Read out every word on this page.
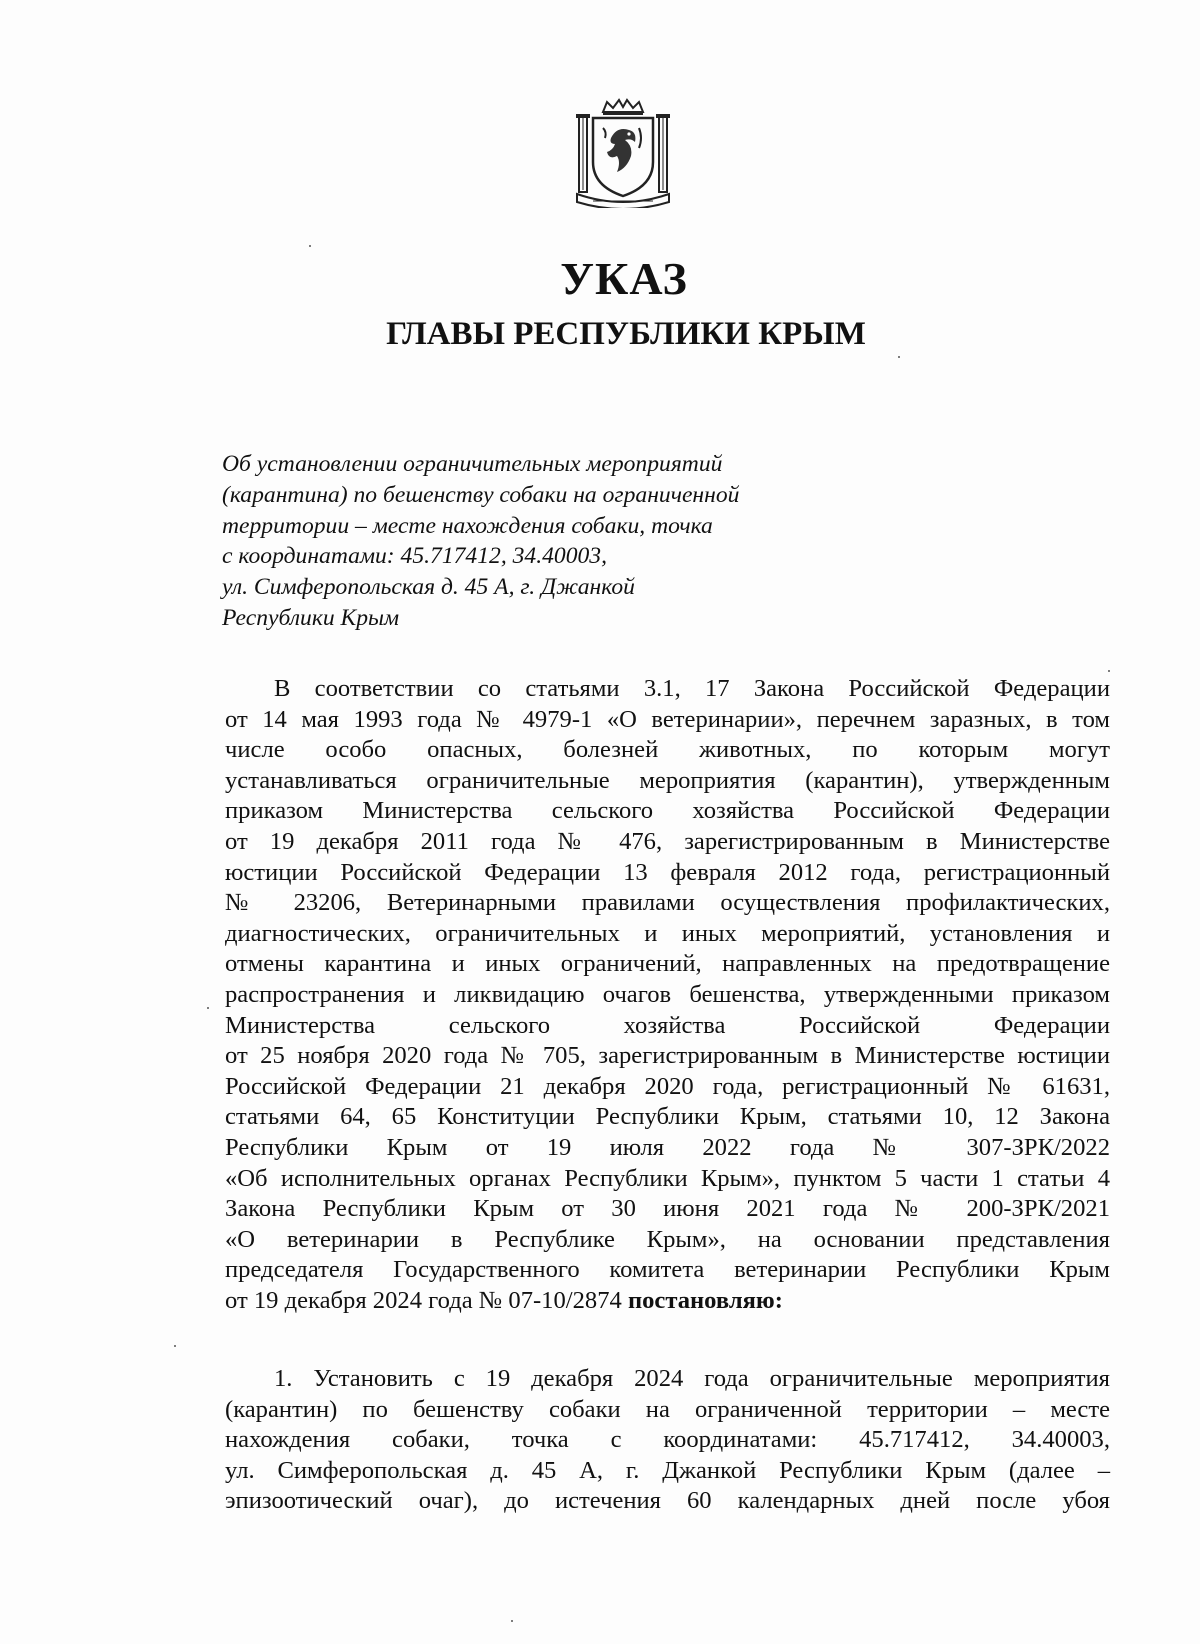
УКАЗ
ГЛАВЫ РЕСПУБЛИКИ КРЫМ
Об установлении ограничительных мероприятий
(карантина) по бешенству собаки на ограниченной
территории – месте нахождения собаки, точка
с координатами: 45.717412, 34.40003,
ул. Симферопольская д. 45 А, г. Джанкой
Республики Крым
В соответствии со статьями 3.1, 17 Закона Российской Федерации
от 14 мая 1993 года № 4979-1 «О ветеринарии», перечнем заразных, в том
числе особо опасных, болезней животных, по которым могут
устанавливаться ограничительные мероприятия (карантин), утвержденным
приказом Министерства сельского хозяйства Российской Федерации
от 19 декабря 2011 года № 476, зарегистрированным в Министерстве
юстиции Российской Федерации 13 февраля 2012 года, регистрационный
№ 23206, Ветеринарными правилами осуществления профилактических,
диагностических, ограничительных и иных мероприятий, установления и
отмены карантина и иных ограничений, направленных на предотвращение
распространения и ликвидацию очагов бешенства, утвержденными приказом
Министерства сельского хозяйства Российской Федерации
от 25 ноября 2020 года № 705, зарегистрированным в Министерстве юстиции
Российской Федерации 21 декабря 2020 года, регистрационный № 61631,
статьями 64, 65 Конституции Республики Крым, статьями 10, 12 Закона
Республики Крым от 19 июля 2022 года № 307-ЗРК/2022
«Об исполнительных органах Республики Крым», пунктом 5 части 1 статьи 4
Закона Республики Крым от 30 июня 2021 года № 200-ЗРК/2021
«О ветеринарии в Республике Крым», на основании представления
председателя Государственного комитета ветеринарии Республики Крым
от 19 декабря 2024 года № 07-10/2874 постановляю:
1. Установить с 19 декабря 2024 года ограничительные мероприятия
(карантин) по бешенству собаки на ограниченной территории – месте
нахождения собаки, точка с координатами: 45.717412, 34.40003,
ул. Симферопольская д. 45 А, г. Джанкой Республики Крым (далее –
эпизоотический очаг), до истечения 60 календарных дней после убоя
